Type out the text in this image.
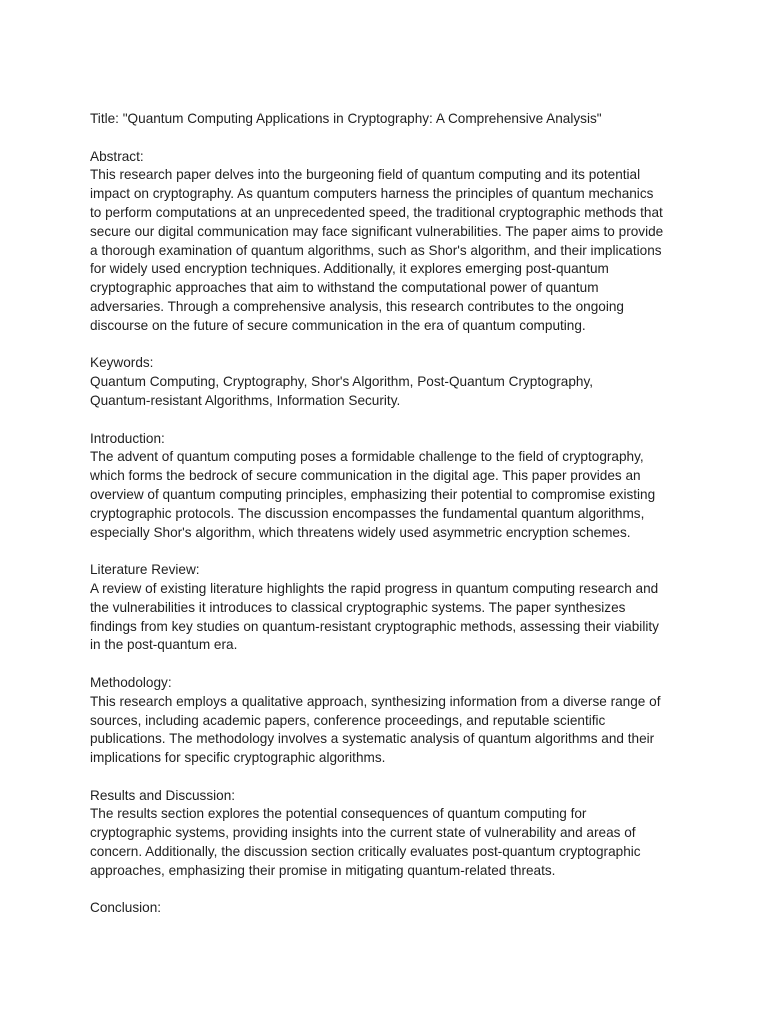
Title: "Quantum Computing Applications in Cryptography: A Comprehensive Analysis"
Abstract:
This research paper delves into the burgeoning field of quantum computing and its potential
impact on cryptography. As quantum computers harness the principles of quantum mechanics
to perform computations at an unprecedented speed, the traditional cryptographic methods that
secure our digital communication may face significant vulnerabilities. The paper aims to provide
a thorough examination of quantum algorithms, such as Shor's algorithm, and their implications
for widely used encryption techniques. Additionally, it explores emerging post-quantum
cryptographic approaches that aim to withstand the computational power of quantum
adversaries. Through a comprehensive analysis, this research contributes to the ongoing
discourse on the future of secure communication in the era of quantum computing.
Keywords:
Quantum Computing, Cryptography, Shor's Algorithm, Post-Quantum Cryptography,
Quantum-resistant Algorithms, Information Security.
Introduction:
The advent of quantum computing poses a formidable challenge to the field of cryptography,
which forms the bedrock of secure communication in the digital age. This paper provides an
overview of quantum computing principles, emphasizing their potential to compromise existing
cryptographic protocols. The discussion encompasses the fundamental quantum algorithms,
especially Shor's algorithm, which threatens widely used asymmetric encryption schemes.
Literature Review:
A review of existing literature highlights the rapid progress in quantum computing research and
the vulnerabilities it introduces to classical cryptographic systems. The paper synthesizes
findings from key studies on quantum-resistant cryptographic methods, assessing their viability
in the post-quantum era.
Methodology:
This research employs a qualitative approach, synthesizing information from a diverse range of
sources, including academic papers, conference proceedings, and reputable scientific
publications. The methodology involves a systematic analysis of quantum algorithms and their
implications for specific cryptographic algorithms.
Results and Discussion:
The results section explores the potential consequences of quantum computing for
cryptographic systems, providing insights into the current state of vulnerability and areas of
concern. Additionally, the discussion section critically evaluates post-quantum cryptographic
approaches, emphasizing their promise in mitigating quantum-related threats.
Conclusion:
